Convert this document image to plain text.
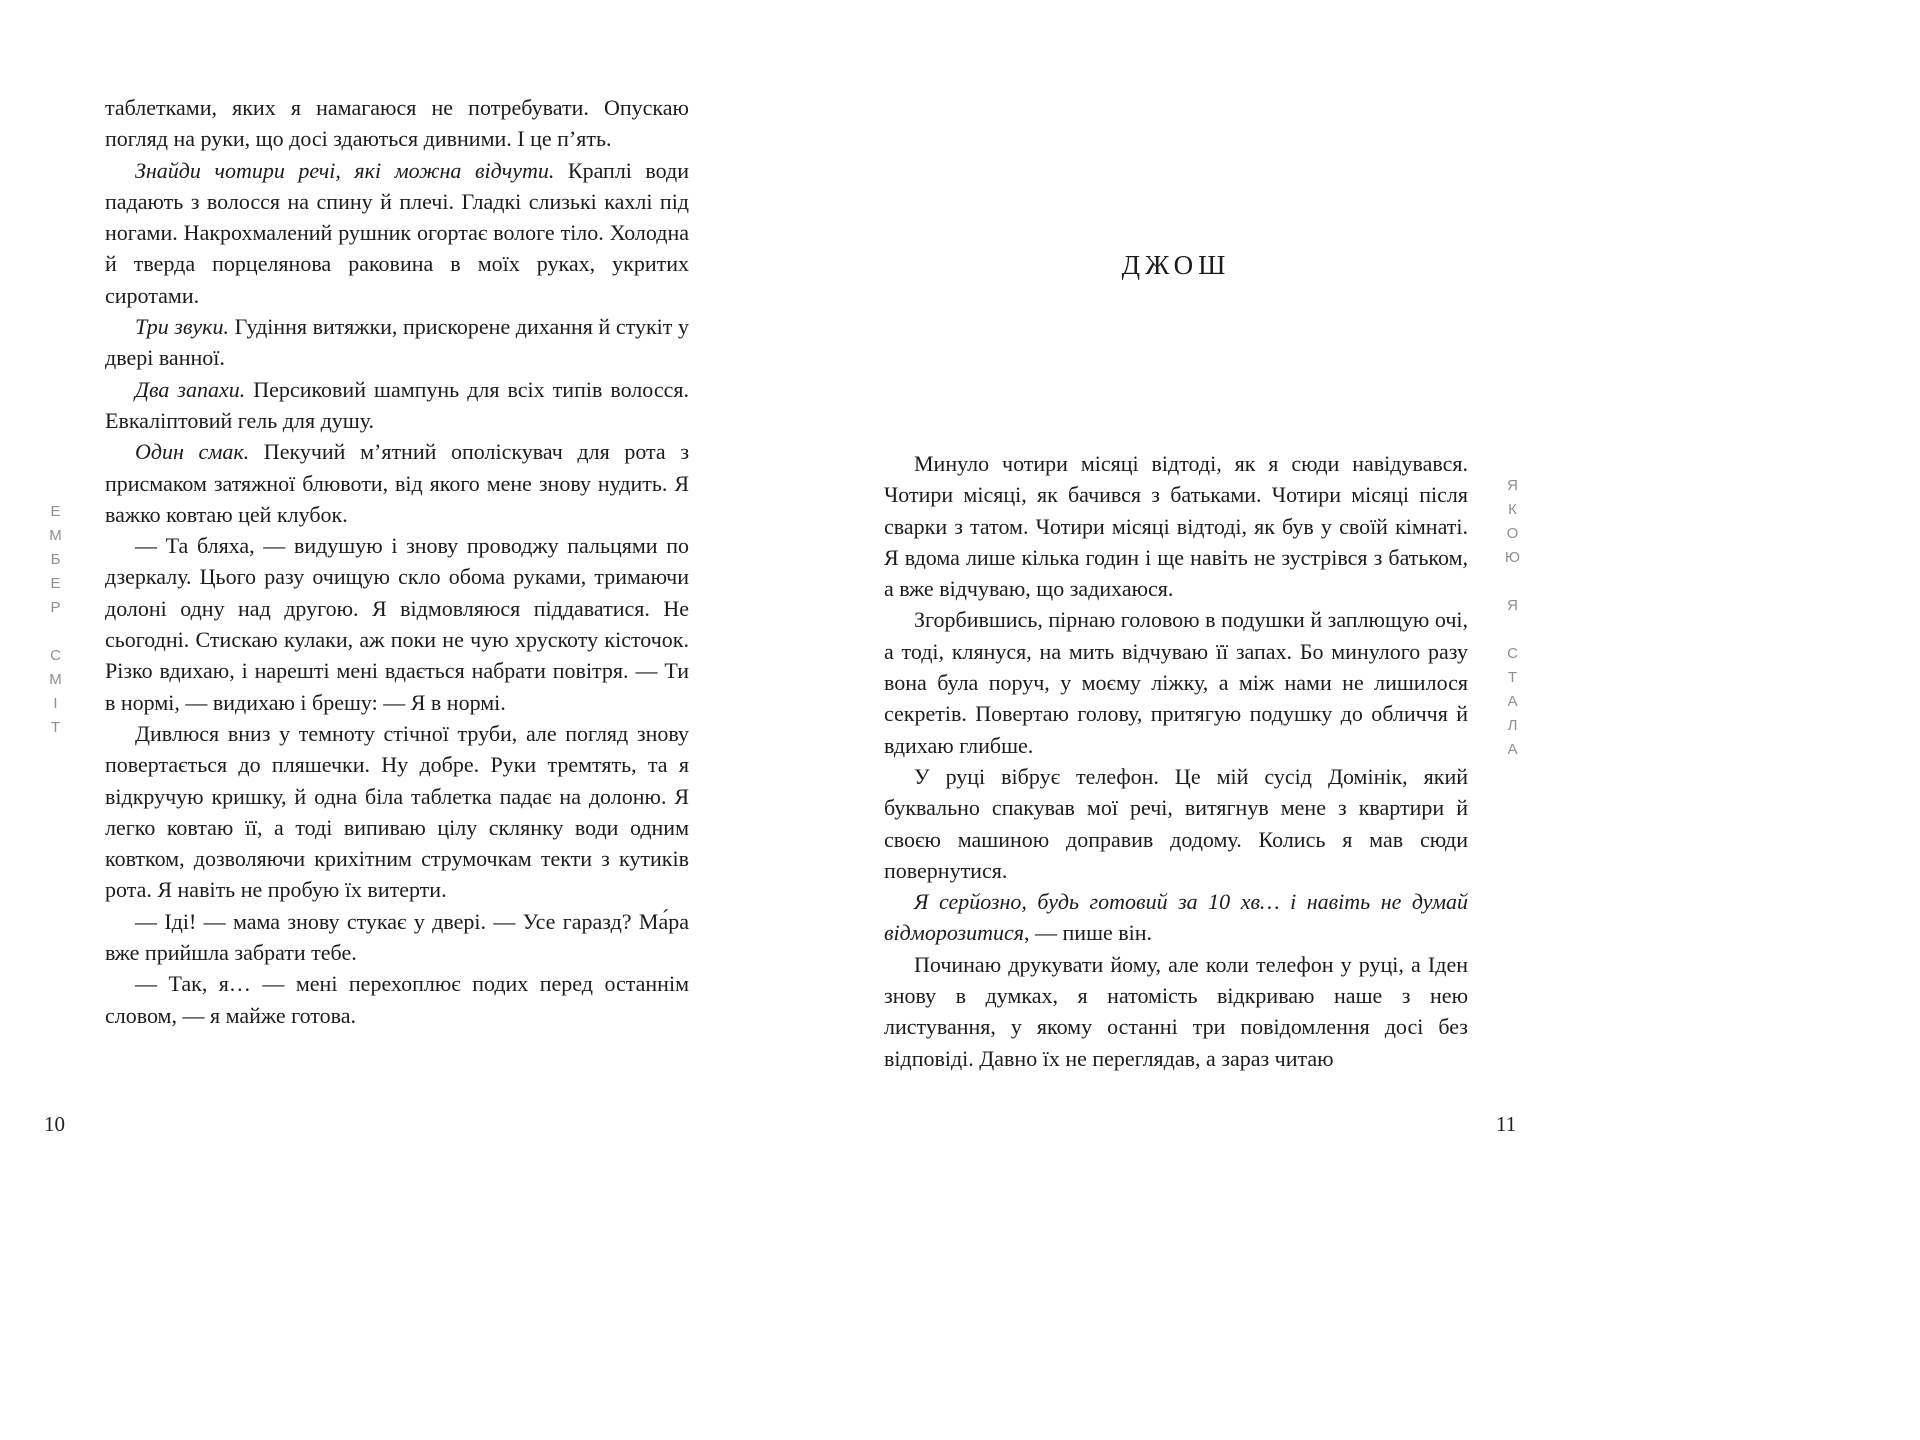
ЕМБЕР СМІТ

таблетками, яких я намагаюся не потребувати. Опускаю погляд на руки, що досі здаються дивними. І це п’ять.

Знайди чотири речі, які можна відчути. Краплі води падають з волосся на спину й плечі. Гладкі слизькі кахлі під ногами. Накрохмалений рушник огортає вологе тіло. Холодна й тверда порцелянова раковина в моїх руках, укритих сиротами.

Три звуки. Гудіння витяжки, прискорене дихання й стукіт у двері ванної.

Два запахи. Персиковий шампунь для всіх типів волосся. Евкаліптовий гель для душу.

Один смак. Пекучий м’ятний ополіскувач для рота з присмаком затяжної блювоти, від якого мене знову нудить. Я важко ковтаю цей клубок.

— Та бляха, — видушую і знову проводжу пальцями по дзеркалу. Цього разу очищую скло обома руками, тримаючи долоні одну над другою. Я відмовляюся піддаватися. Не сьогодні. Стискаю кулаки, аж поки не чую хрускоту кісточок. Різко вдихаю, і нарешті мені вдається набрати повітря. — Ти в нормі, — видихаю і брешу: — Я в нормі.

Дивлюся вниз у темноту стічної труби, але погляд знову повертається до пляшечки. Ну добре. Руки тремтять, та я відкручую кришку, й одна біла таблетка падає на долоню. Я легко ковтаю її, а тоді випиваю цілу склянку води одним ковтком, дозволяючи крихітним струмочкам текти з кутиків рота. Я навіть не пробую їх витерти.

— Іді! — мама знову стукає у двері. — Усе гаразд? Ма́ра вже прийшла забрати тебе.

— Так, я… — мені перехоплює подих перед останнім словом, — я майже готова.

10
ДЖОШ

Минуло чотири місяці відтоді, як я сюди навідувався. Чотири місяці, як бачився з батьками. Чотири місяці після сварки з татом. Чотири місяці відтоді, як був у своїй кімнаті. Я вдома лише кілька годин і ще навіть не зустрівся з батьком, а вже відчуваю, що задихаюся.

Згорбившись, пірнаю головою в подушки й заплющую очі, а тоді, клянуся, на мить відчуваю її запах. Бо минулого разу вона була поруч, у моєму ліжку, а між нами не лишилося секретів. Повертаю голову, притягую подушку до обличчя й вдихаю глибше.

У руці вібрує телефон. Це мій сусід Домінік, який буквально спакував мої речі, витягнув мене з квартири й своєю машиною доправив додому. Колись я мав сюди повернутися.

Я серйозно, будь готовий за 10 хв… і навіть не думай відморозитися, — пише він.

Починаю друкувати йому, але коли телефон у руці, а Іден знову в думках, я натомість відкриваю наше з нею листування, у якому останні три повідомлення досі без відповіді. Давно їх не переглядав, а зараз читаю

ЯКОЮ Я СТАЛА
11
